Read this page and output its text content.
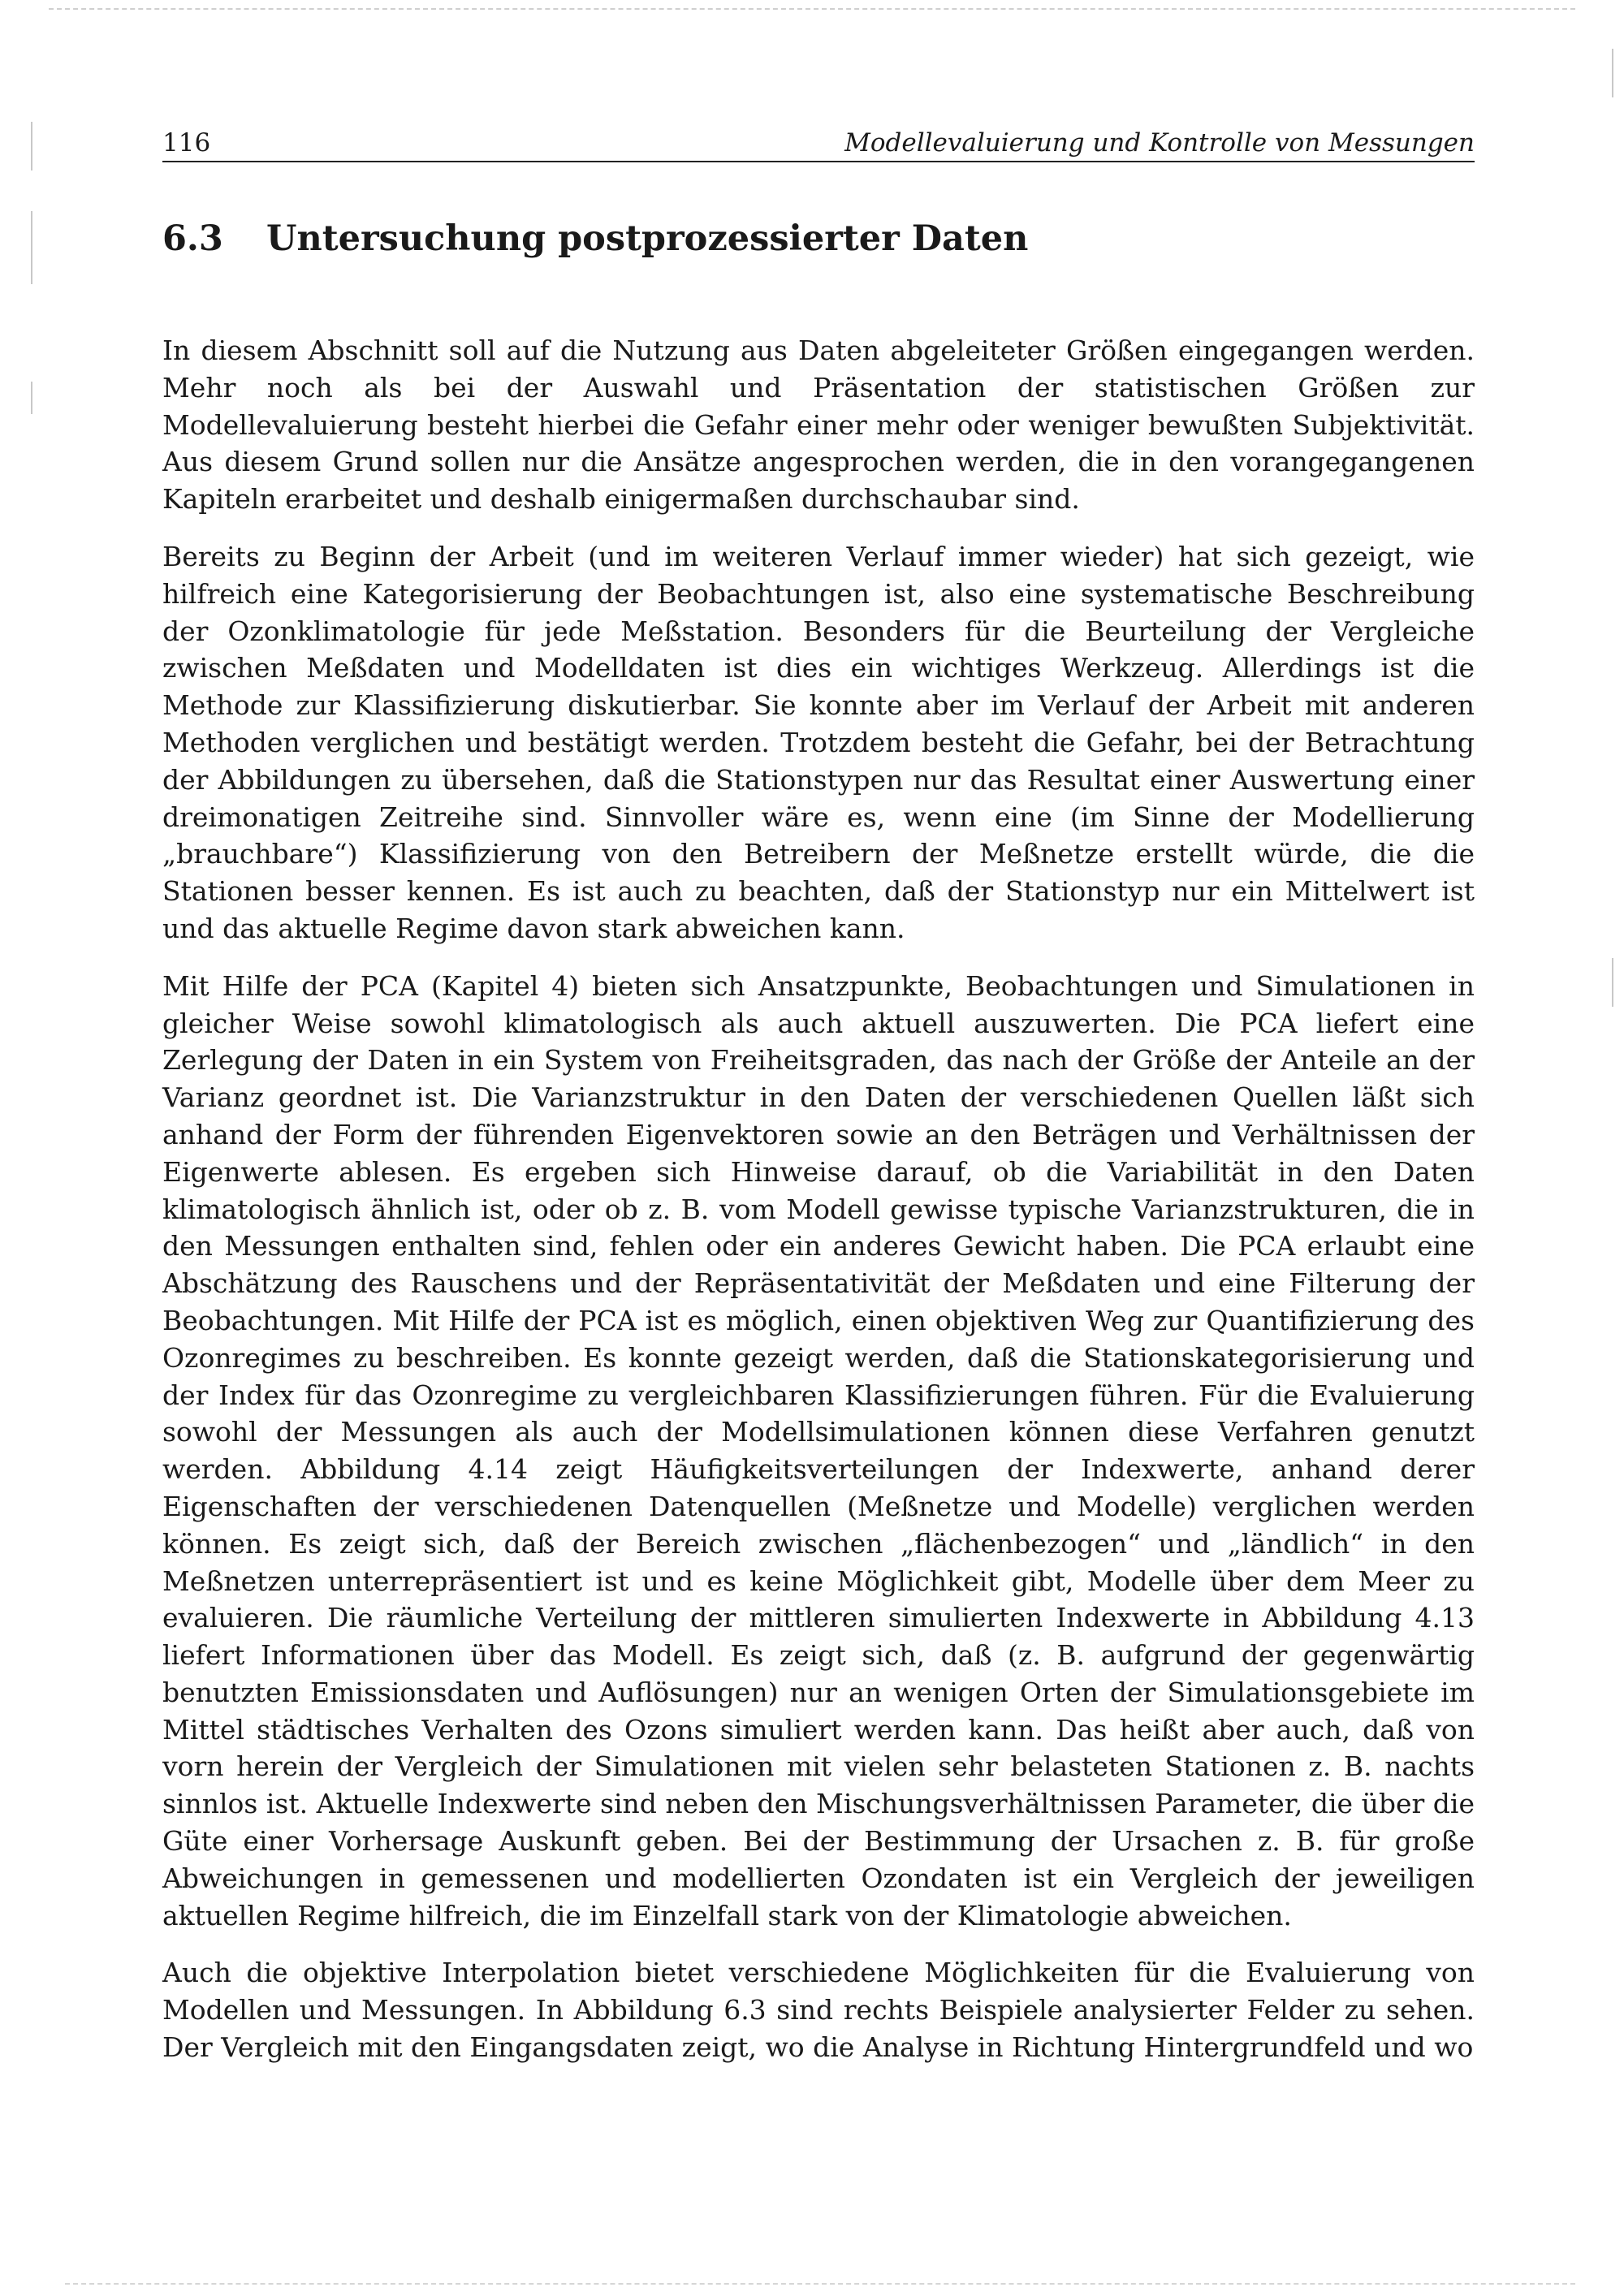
116	Modellevaluierung und Kontrolle von Messungen
6.3 Untersuchung postprozessierter Daten

In diesem Abschnitt soll auf die Nutzung aus Daten abgeleiteter Größen eingegangen werden. Mehr noch als bei der Auswahl und Präsentation der statistischen Größen zur Modellevaluierung besteht hierbei die Gefahr einer mehr oder weniger bewußten Subjektivität. Aus diesem Grund sollen nur die Ansätze angesprochen werden, die in den vorangegangenen Kapiteln erarbeitet und deshalb einigermaßen durchschaubar sind.

Bereits zu Beginn der Arbeit (und im weiteren Verlauf immer wieder) hat sich gezeigt, wie hilfreich eine Kategorisierung der Beobachtungen ist, also eine systematische Beschreibung der Ozonklimatologie für jede Meßstation. Besonders für die Beurteilung der Vergleiche zwischen Meßdaten und Modelldaten ist dies ein wichtiges Werkzeug. Allerdings ist die Methode zur Klassifizierung diskutierbar. Sie konnte aber im Verlauf der Arbeit mit anderen Methoden verglichen und bestätigt werden. Trotzdem besteht die Gefahr, bei der Betrachtung der Abbildungen zu übersehen, daß die Stationstypen nur das Resultat einer Auswertung einer dreimonatigen Zeitreihe sind. Sinnvoller wäre es, wenn eine (im Sinne der Modellierung „brauchbare“) Klassifizierung von den Betreibern der Meßnetze erstellt würde, die die Stationen besser kennen. Es ist auch zu beachten, daß der Stationstyp nur ein Mittelwert ist und das aktuelle Regime davon stark abweichen kann.

Mit Hilfe der PCA (Kapitel 4) bieten sich Ansatzpunkte, Beobachtungen und Simulationen in gleicher Weise sowohl klimatologisch als auch aktuell auszuwerten. Die PCA liefert eine Zerlegung der Daten in ein System von Freiheitsgraden, das nach der Größe der Anteile an der Varianz geordnet ist. Die Varianzstruktur in den Daten der verschiedenen Quellen läßt sich anhand der Form der führenden Eigenvektoren sowie an den Beträgen und Verhältnissen der Eigenwerte ablesen. Es ergeben sich Hinweise darauf, ob die Variabilität in den Daten klimatologisch ähnlich ist, oder ob z. B. vom Modell gewisse typische Varianzstrukturen, die in den Messungen enthalten sind, fehlen oder ein anderes Gewicht haben. Die PCA erlaubt eine Abschätzung des Rauschens und der Repräsentativität der Meßdaten und eine Filterung der Beobachtungen. Mit Hilfe der PCA ist es möglich, einen objektiven Weg zur Quantifizierung des Ozonregimes zu beschreiben. Es konnte gezeigt werden, daß die Stationskategorisierung und der Index für das Ozonregime zu vergleichbaren Klassifizierungen führen. Für die Evaluierung sowohl der Messungen als auch der Modellsimulationen können diese Verfahren genutzt werden. Abbildung 4.14 zeigt Häufigkeitsverteilungen der Indexwerte, anhand derer Eigenschaften der verschiedenen Datenquellen (Meßnetze und Modelle) verglichen werden können. Es zeigt sich, daß der Bereich zwischen „flächenbezogen“ und „ländlich“ in den Meßnetzen unterrepräsentiert ist und es keine Möglichkeit gibt, Modelle über dem Meer zu evaluieren. Die räumliche Verteilung der mittleren simulierten Indexwerte in Abbildung 4.13 liefert Informationen über das Modell. Es zeigt sich, daß (z. B. aufgrund der gegenwärtig benutzten Emissionsdaten und Auflösungen) nur an wenigen Orten der Simulationsgebiete im Mittel städtisches Verhalten des Ozons simuliert werden kann. Das heißt aber auch, daß von vorn herein der Vergleich der Simulationen mit vielen sehr belasteten Stationen z. B. nachts sinnlos ist. Aktuelle Indexwerte sind neben den Mischungsverhältnissen Parameter, die über die Güte einer Vorhersage Auskunft geben. Bei der Bestimmung der Ursachen z. B. für große Abweichungen in gemessenen und modellierten Ozondaten ist ein Vergleich der jeweiligen aktuellen Regime hilfreich, die im Einzelfall stark von der Klimatologie abweichen.

Auch die objektive Interpolation bietet verschiedene Möglichkeiten für die Evaluierung von Modellen und Messungen. In Abbildung 6.3 sind rechts Beispiele analysierter Felder zu sehen. Der Vergleich mit den Eingangsdaten zeigt, wo die Analyse in Richtung Hintergrundfeld und wo
